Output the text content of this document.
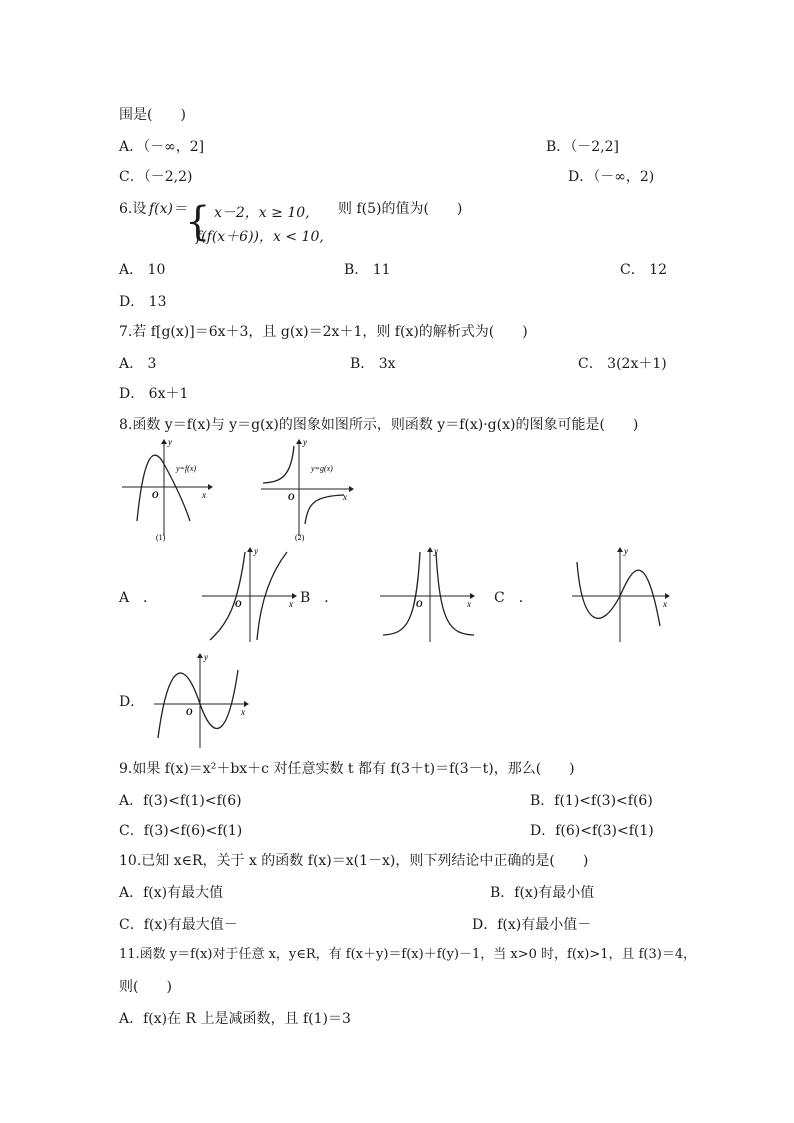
围是(　　)
A．（－∞，2]	B．（－2,2]
C．（－2,2)	D．（－∞，2)
6.设 f(x)＝
{ x－2，x ≥ 10,
f(f(x＋6))，x < 10,
则 f(5)的值为(　　)
A． 10	B． 11	C． 12
D． 13
7.若 f[g(x)]＝6x＋3，且 g(x)＝2x＋1，则 f(x)的解析式为(　　)
A． 3	B． 3x	C． 3(2x＋1)
D． 6x＋1
8.函数 y＝f(x)与 y＝g(x)的图象如图所示，则函数 y＝f(x)·g(x)的图象可能是(　　)
y
x
O
y=f(x)
(1)
y
x
O
y=g(x)
(2)
A　．	B　．	C　．
D．
y
x
O
y
x
O
y
x
y
x
O
9.如果 f(x)＝x²＋bx＋c 对任意实数 t 都有 f(3＋t)＝f(3－t)，那么(　　)
A．f(3)<f(1)<f(6)	B．f(1)<f(3)<f(6)
C．f(3)<f(6)<f(1)	D．f(6)<f(3)<f(1)
10.已知 x∈R，关于 x 的函数 f(x)＝x(1－x)，则下列结论中正确的是(　　)
A．f(x)有最大值	B．f(x)有最小值
C．f(x)有最大值－	D．f(x)有最小值－
11.函数 y＝f(x)对于任意 x，y∈R，有 f(x＋y)＝f(x)＋f(y)－1，当 x>0 时，f(x)>1，且 f(3)＝4，
则(　　)
A．f(x)在 R 上是减函数，且 f(1)＝3
